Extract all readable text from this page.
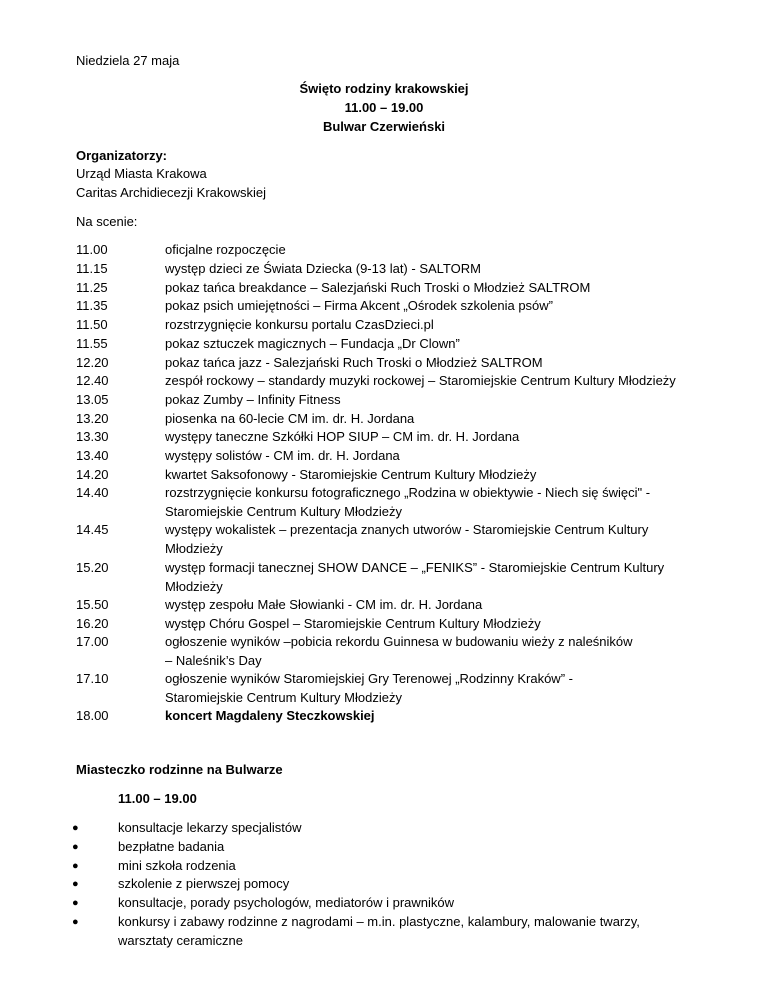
Niedziela 27 maja
Święto rodziny krakowskiej
11.00 – 19.00
Bulwar Czerwieński
Organizatorzy:
Urząd Miasta Krakowa
Caritas Archidiecezji Krakowskiej
Na scenie:
11.00	oficjalne rozpoczęcie
11.15	występ dzieci ze Świata Dziecka (9-13 lat) - SALTORM
11.25	pokaz tańca breakdance – Salezjański Ruch Troski o Młodzież SALTROM
11.35	pokaz psich umiejętności – Firma Akcent „Ośrodek szkolenia psów”
11.50	rozstrzygnięcie konkursu portalu CzasDzieci.pl
11.55	pokaz sztuczek magicznych – Fundacja „Dr Clown”
12.20	pokaz tańca jazz - Salezjański Ruch Troski o Młodzież SALTROM
12.40	zespół rockowy – standardy muzyki rockowej – Staromiejskie Centrum Kultury Młodzieży
13.05	pokaz Zumby – Infinity Fitness
13.20	piosenka na 60-lecie CM im. dr. H. Jordana
13.30	występy taneczne Szkółki HOP SIUP – CM im. dr. H. Jordana
13.40	występy solistów - CM im. dr. H. Jordana
14.20	kwartet Saksofonowy - Staromiejskie Centrum Kultury Młodzieży
14.40	rozstrzygnięcie konkursu fotograficznego „Rodzina w obiektywie - Niech się święci" -
Staromiejskie Centrum Kultury Młodzieży
14.45	występy wokalistek – prezentacja znanych utworów - Staromiejskie Centrum Kultury
Młodzieży
15.20	występ formacji tanecznej SHOW DANCE – „FENIKS” - Staromiejskie Centrum Kultury
Młodzieży
15.50	występ zespołu Małe Słowianki - CM im. dr. H. Jordana
16.20	występ Chóru Gospel – Staromiejskie Centrum Kultury Młodzieży
17.00	ogłoszenie wyników –pobicia rekordu Guinnesa w budowaniu wieży z naleśników
– Naleśnik’s Day
17.10	ogłoszenie wyników Staromiejskiej Gry Terenowej „Rodzinny Kraków” -
Staromiejskie Centrum Kultury Młodzieży
18.00	koncert Magdaleny Steczkowskiej
Miasteczko rodzinne na Bulwarze
11.00 – 19.00
●	konsultacje lekarzy specjalistów
●	bezpłatne badania
●	mini szkoła rodzenia
●	szkolenie z pierwszej pomocy
●	konsultacje, porady psychologów, mediatorów i prawników
●	konkursy i zabawy rodzinne z nagrodami – m.in. plastyczne, kalambury, malowanie twarzy,
warsztaty ceramiczne
